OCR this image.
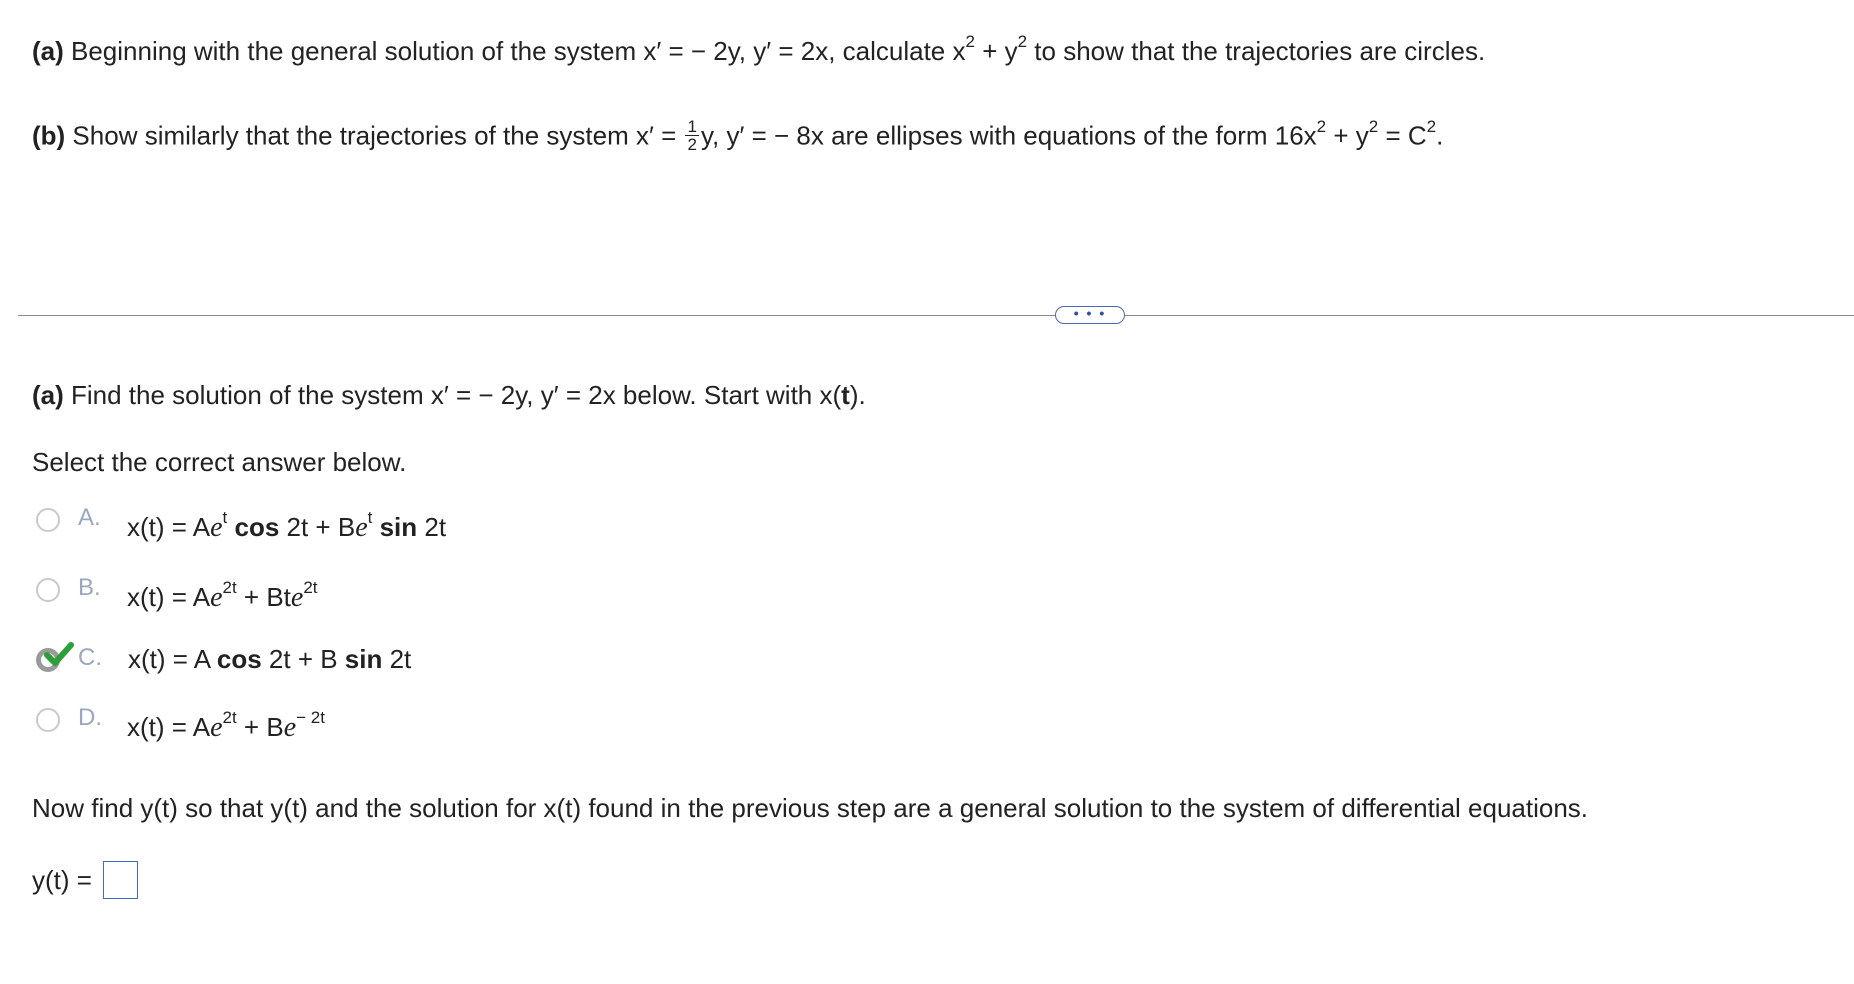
(a) Beginning with the general solution of the system x′ = − 2y, y′ = 2x, calculate $x^2 + y^2$ to show that the trajectories are circles.
(b) Show similarly that the trajectories of the system $x' = \frac{1}{2} y$, y′ = − 8x are ellipses with equations of the form $16x^2 + y^2 = C^2$.
• • •
(a) Find the solution of the system x′ = − 2y, y′ = 2x below. Start with x(t).
Select the correct answer below.
A. $x(t) = Ae^t$ $\cos 2t + Be^t$ sin 2t
B. $x(t) = Ae^{2t} + Bte^{2t}$
C. x(t) = A cos 2t + B sin 2t
D. $x(t) = Ae^{2t} + Be^{- 2t}$
Now find y(t) so that y(t) and the solution for x(t) found in the previous step are a general solution to the system of differential equations.
y(t) =
